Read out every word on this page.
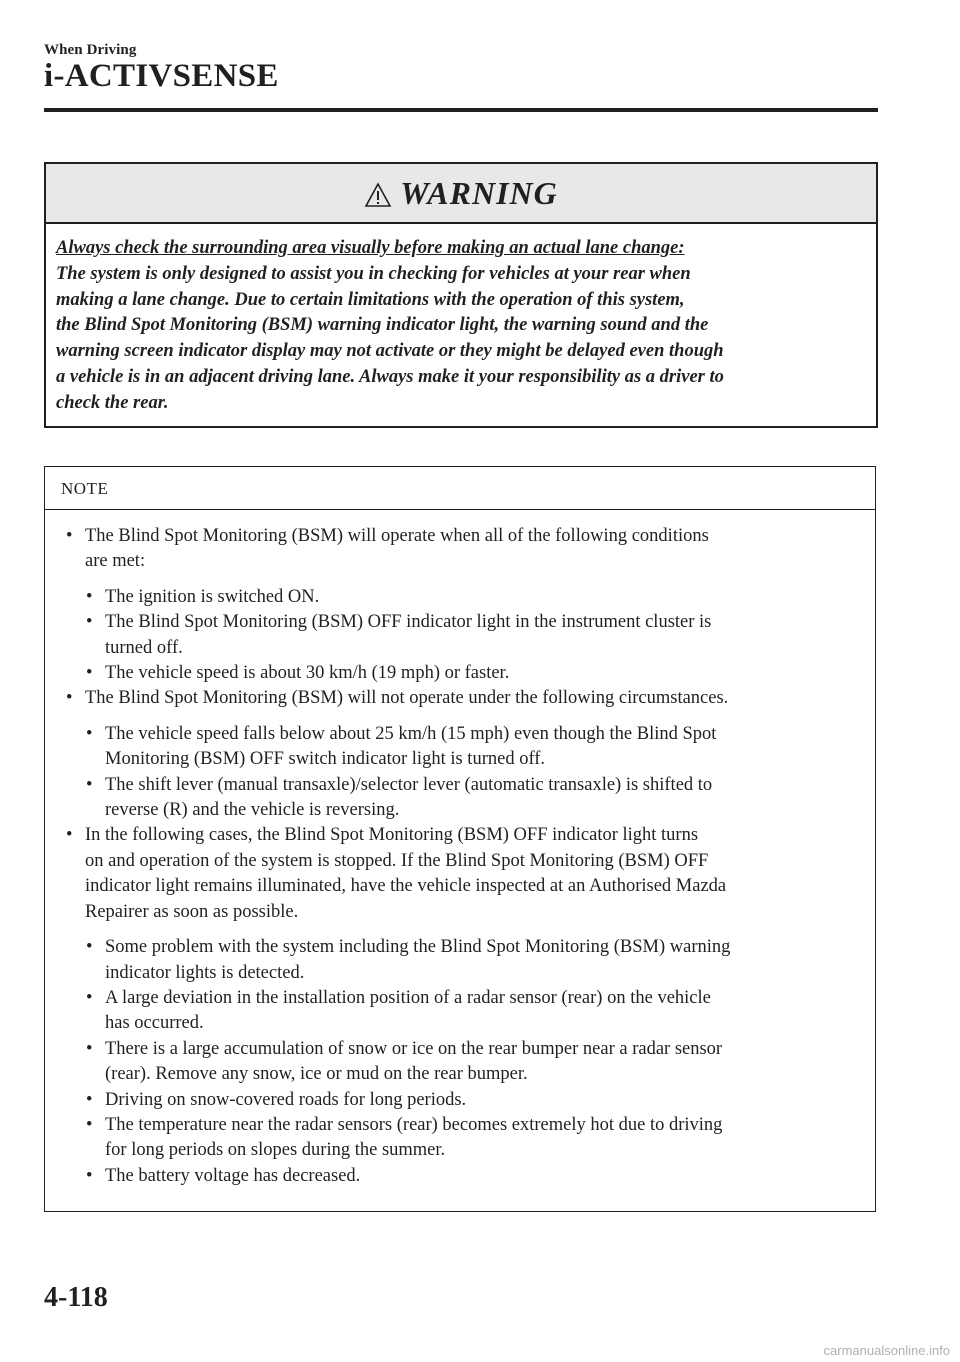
When Driving
i-ACTIVSENSE
WARNING
Always check the surrounding area visually before making an actual lane change:
The system is only designed to assist you in checking for vehicles at your rear when
making a lane change. Due to certain limitations with the operation of this system,
the Blind Spot Monitoring (BSM) warning indicator light, the warning sound and the
warning screen indicator display may not activate or they might be delayed even though
a vehicle is in an adjacent driving lane. Always make it your responsibility as a driver to
check the rear.
NOTE
• The Blind Spot Monitoring (BSM) will operate when all of the following conditions
are met:
• The ignition is switched ON.
• The Blind Spot Monitoring (BSM) OFF indicator light in the instrument cluster is
turned off.
• The vehicle speed is about 30 km/h (19 mph) or faster.
• The Blind Spot Monitoring (BSM) will not operate under the following circumstances.
• The vehicle speed falls below about 25 km/h (15 mph) even though the Blind Spot
Monitoring (BSM) OFF switch indicator light is turned off.
• The shift lever (manual transaxle)/selector lever (automatic transaxle) is shifted to
reverse (R) and the vehicle is reversing.
• In the following cases, the Blind Spot Monitoring (BSM) OFF indicator light turns
on and operation of the system is stopped. If the Blind Spot Monitoring (BSM) OFF
indicator light remains illuminated, have the vehicle inspected at an Authorised Mazda
Repairer as soon as possible.
• Some problem with the system including the Blind Spot Monitoring (BSM) warning
indicator lights is detected.
• A large deviation in the installation position of a radar sensor (rear) on the vehicle
has occurred.
• There is a large accumulation of snow or ice on the rear bumper near a radar sensor
(rear). Remove any snow, ice or mud on the rear bumper.
• Driving on snow-covered roads for long periods.
• The temperature near the radar sensors (rear) becomes extremely hot due to driving
for long periods on slopes during the summer.
• The battery voltage has decreased.
4-118
carmanualsonline.info
